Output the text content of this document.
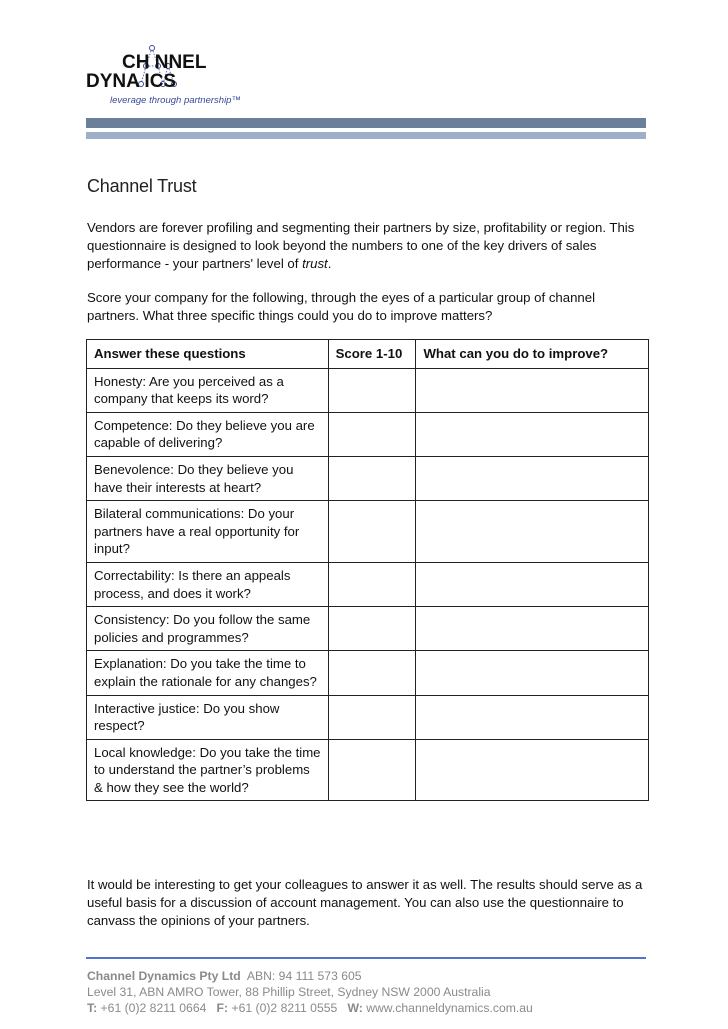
CH NNEL
DYNA ICS
leverage through partnership™
Channel Trust
Vendors are forever profiling and segmenting their partners by size, profitability or region. This questionnaire is designed to look beyond the numbers to one of the key drivers of sales performance - your partners' level of trust.
Score your company for the following, through the eyes of a particular group of channel partners. What three specific things could you do to improve matters?
Answer these questions	Score 1-10	What can you do to improve?
Honesty: Are you perceived as a company that keeps its word?		
Competence: Do they believe you are capable of delivering?		
Benevolence: Do they believe you have their interests at heart?		
Bilateral communications: Do your partners have a real opportunity for input?		
Correctability: Is there an appeals process, and does it work?		
Consistency: Do you follow the same policies and programmes?		
Explanation: Do you take the time to explain the rationale for any changes?		
Interactive justice: Do you show respect?		
Local knowledge: Do you take the time to understand the partner’s problems & how they see the world?		
It would be interesting to get your colleagues to answer it as well. The results should serve as a useful basis for a discussion of account management. You can also use the questionnaire to canvass the opinions of your partners.
Channel Dynamics Pty Ltd ABN: 94 111 573 605
Level 31, ABN AMRO Tower, 88 Phillip Street, Sydney NSW 2000 Australia
T: +61 (0)2 8211 0664 F: +61 (0)2 8211 0555 W: www.channeldynamics.com.au
